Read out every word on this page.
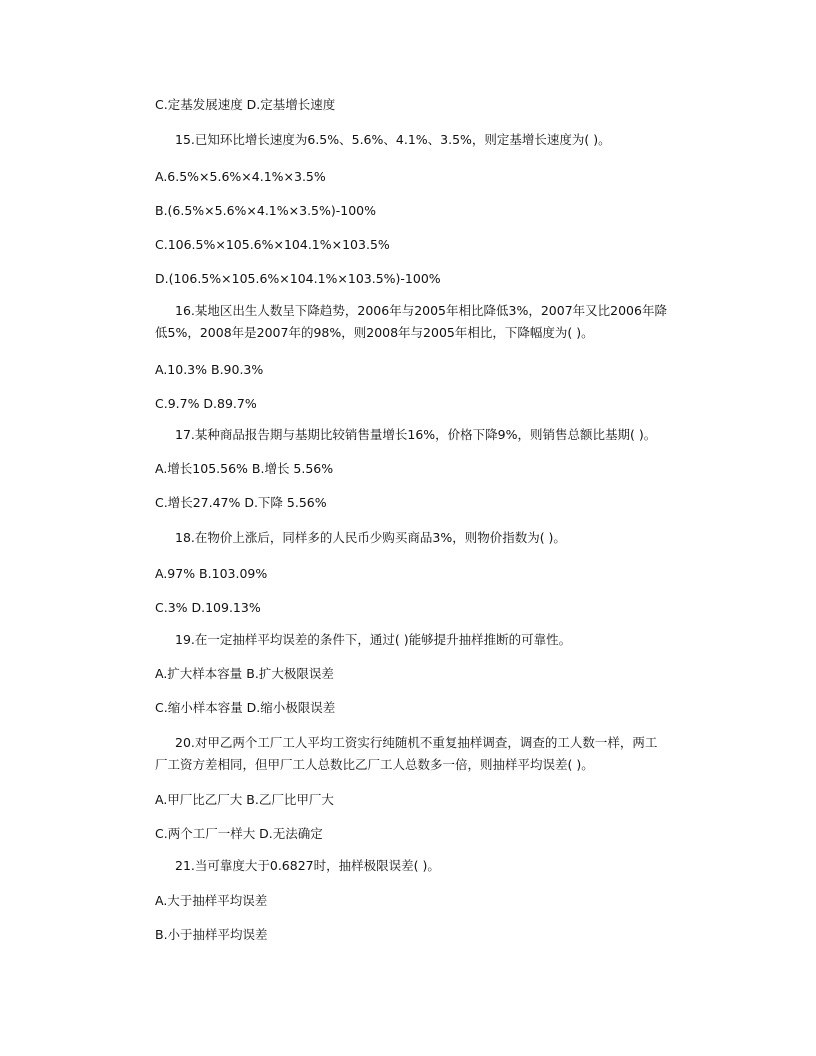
C.定基发展速度 D.定基增长速度
15.已知环比增长速度为6.5%、5.6%、4.1%、3.5%，则定基增长速度为( )。
A.6.5%×5.6%×4.1%×3.5%
B.(6.5%×5.6%×4.1%×3.5%)-100%
C.106.5%×105.6%×104.1%×103.5%
D.(106.5%×105.6%×104.1%×103.5%)-100%
16.某地区出生人数呈下降趋势，2006年与2005年相比降低3%，2007年又比2006年降
低5%，2008年是2007年的98%，则2008年与2005年相比，下降幅度为( )。
A.10.3% B.90.3%
C.9.7% D.89.7%
17.某种商品报告期与基期比较销售量增长16%，价格下降9%，则销售总额比基期( )。
A.增长105.56% B.增长 5.56%
C.增长27.47% D.下降 5.56%
18.在物价上涨后，同样多的人民币少购买商品3%，则物价指数为( )。
A.97% B.103.09%
C.3% D.109.13%
19.在一定抽样平均误差的条件下，通过( )能够提升抽样推断的可靠性。
A.扩大样本容量 B.扩大极限误差
C.缩小样本容量 D.缩小极限误差
20.对甲乙两个工厂工人平均工资实行纯随机不重复抽样调查，调查的工人数一样，两工
厂工资方差相同，但甲厂工人总数比乙厂工人总数多一倍，则抽样平均误差( )。
A.甲厂比乙厂大 B.乙厂比甲厂大
C.两个工厂一样大 D.无法确定
21.当可靠度大于0.6827时，抽样极限误差( )。
A.大于抽样平均误差
B.小于抽样平均误差
